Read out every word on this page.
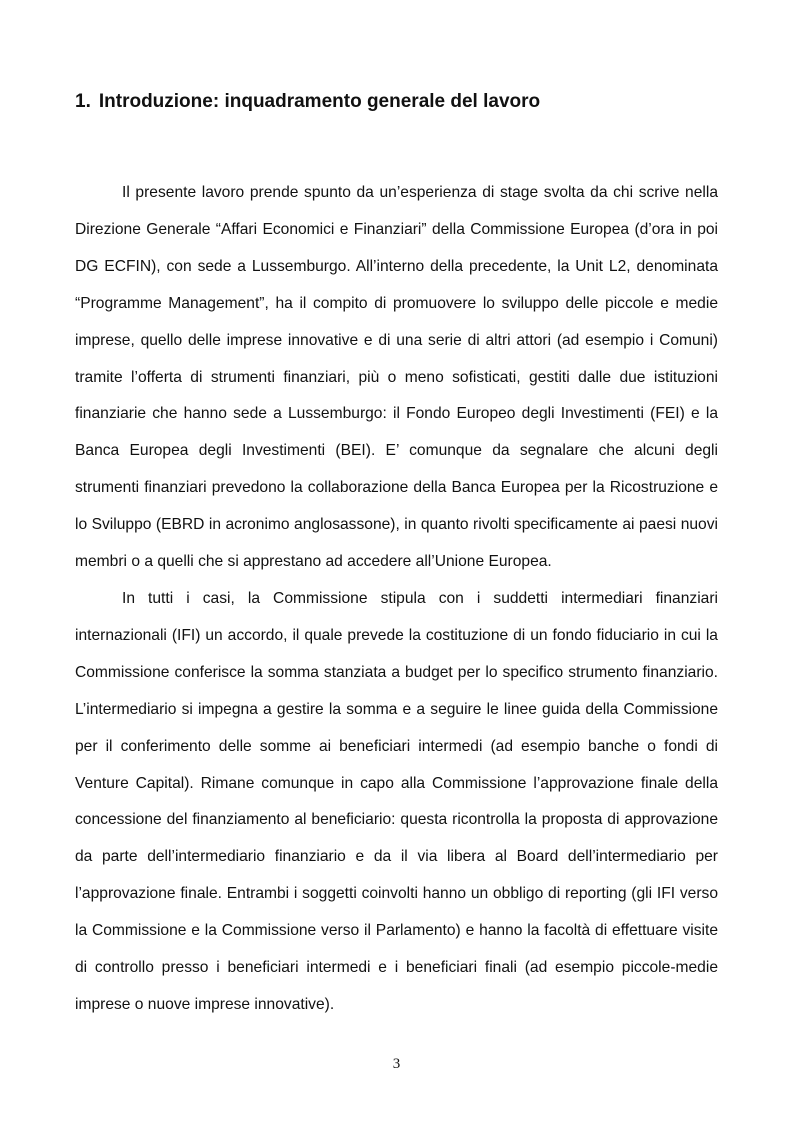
1. Introduzione: inquadramento generale del lavoro

Il presente lavoro prende spunto da un’esperienza di stage svolta da chi scrive nella Direzione Generale “Affari Economici e Finanziari” della Commissione Europea (d’ora in poi DG ECFIN), con sede a Lussemburgo. All’interno della precedente, la Unit L2, denominata “Programme Management”, ha il compito di promuovere lo sviluppo delle piccole e medie imprese, quello delle imprese innovative e di una serie di altri attori (ad esempio i Comuni) tramite l’offerta di strumenti finanziari, più o meno sofisticati, gestiti dalle due istituzioni finanziarie che hanno sede a Lussemburgo: il Fondo Europeo degli Investimenti (FEI) e la Banca Europea degli Investimenti (BEI). E’ comunque da segnalare che alcuni degli strumenti finanziari prevedono la collaborazione della Banca Europea per la Ricostruzione e lo Sviluppo (EBRD in acronimo anglosassone), in quanto rivolti specificamente ai paesi nuovi membri o a quelli che si apprestano ad accedere all’Unione Europea.

In tutti i casi, la Commissione stipula con i suddetti intermediari finanziari internazionali (IFI) un accordo, il quale prevede la costituzione di un fondo fiduciario in cui la Commissione conferisce la somma stanziata a budget per lo specifico strumento finanziario. L’intermediario si impegna a gestire la somma e a seguire le linee guida della Commissione per il conferimento delle somme ai beneficiari intermedi (ad esempio banche o fondi di Venture Capital). Rimane comunque in capo alla Commissione l’approvazione finale della concessione del finanziamento al beneficiario: questa ricontrolla la proposta di approvazione da parte dell’intermediario finanziario e da il via libera al Board dell’intermediario per l’approvazione finale. Entrambi i soggetti coinvolti hanno un obbligo di reporting (gli IFI verso la Commissione e la Commissione verso il Parlamento) e hanno la facoltà di effettuare visite di controllo presso i beneficiari intermedi e i beneficiari finali (ad esempio piccole-medie imprese o nuove imprese innovative).

3
